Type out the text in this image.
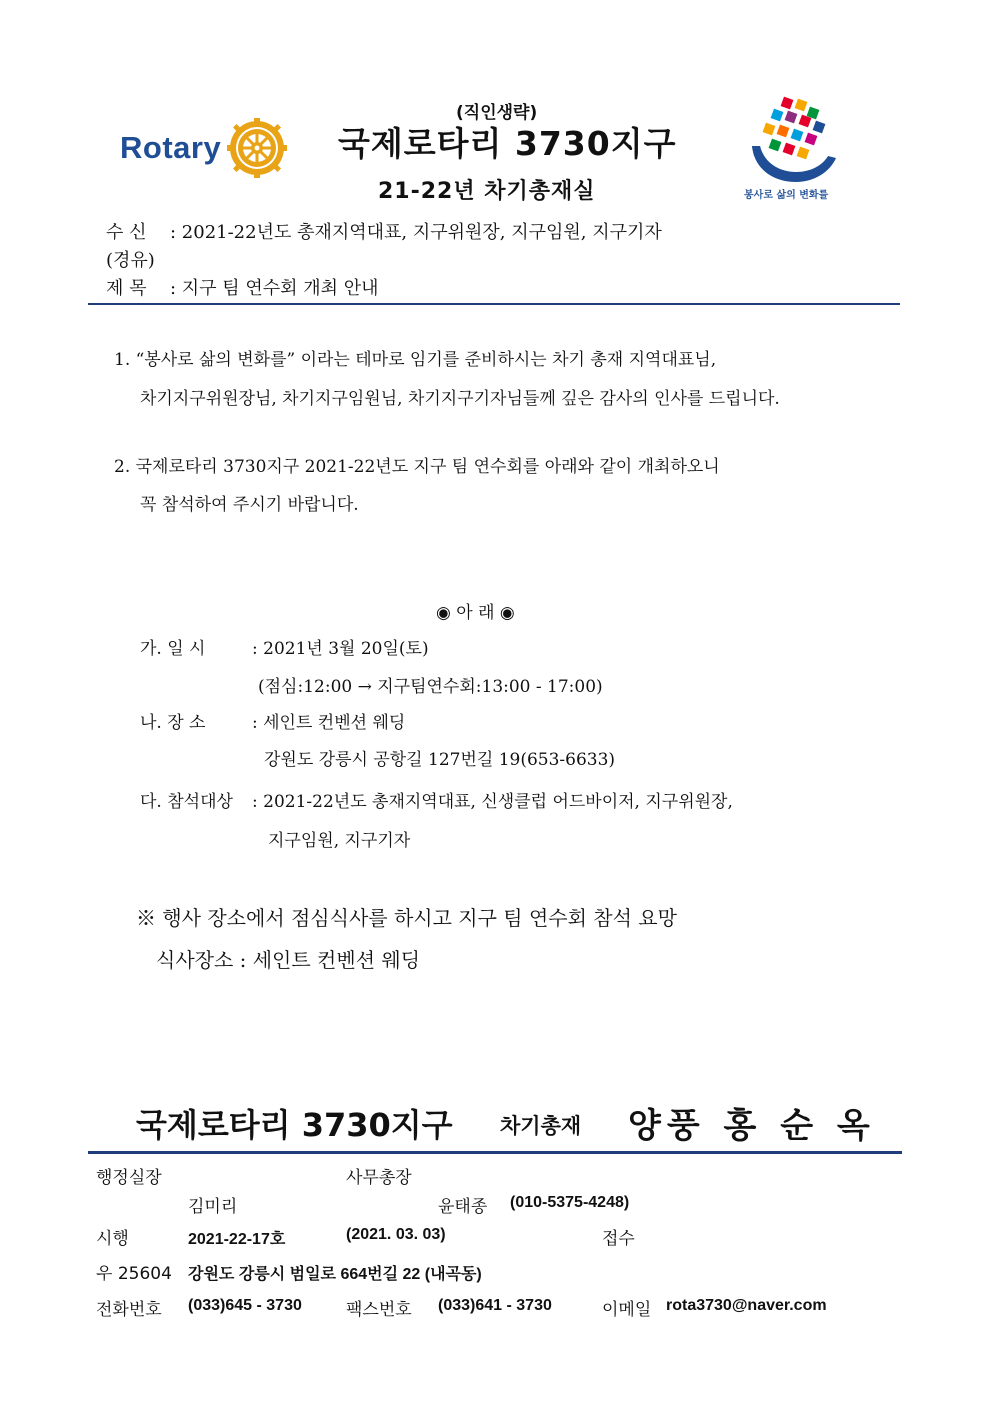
Rotary
(직인생략)
국제로타리 3730지구
21-22년 차기총재실	봉사로 삶의 변화를
수 신 : 2021-22년도 총재지역대표, 지구위원장, 지구임원, 지구기자
(경유)
제 목 : 지구 팀 연수회 개최 안내
1. “봉사로 삶의 변화를” 이라는 테마로 임기를 준비하시는 차기 총재 지역대표님,
차기지구위원장님, 차기지구임원님, 차기지구기자님들께 깊은 감사의 인사를 드립니다.
2. 국제로타리 3730지구 2021-22년도 지구 팀 연수회를 아래와 같이 개최하오니
꼭 참석하여 주시기 바랍니다.
◉ 아 래 ◉
가. 일 시	: 2021년 3월 20일(토)
(점심:12:00 → 지구팀연수회:13:00 - 17:00)
나. 장 소	: 세인트 컨벤션 웨딩
강원도 강릉시 공항길 127번길 19(653-6633)
다. 참석대상 : 2021-22년도 총재지역대표, 신생클럽 어드바이저, 지구위원장,
지구임원, 지구기자
※ 행사 장소에서 점심식사를 하시고 지구 팀 연수회 참석 요망
식사장소 : 세인트 컨벤션 웨딩
국제로타리 3730지구 차기총재 양풍 홍 순 옥
행정실장	사무총장
김미리	윤태종 (010-5375-4248)
시행	2021-22-17호	(2021. 03. 03)	접수
우 25604 강원도 강릉시 범일로 664번길 22 (내곡동)
전화번호 (033)645 - 3730	팩스번호 (033)641 - 3730	이메일 rota3730@naver.com
